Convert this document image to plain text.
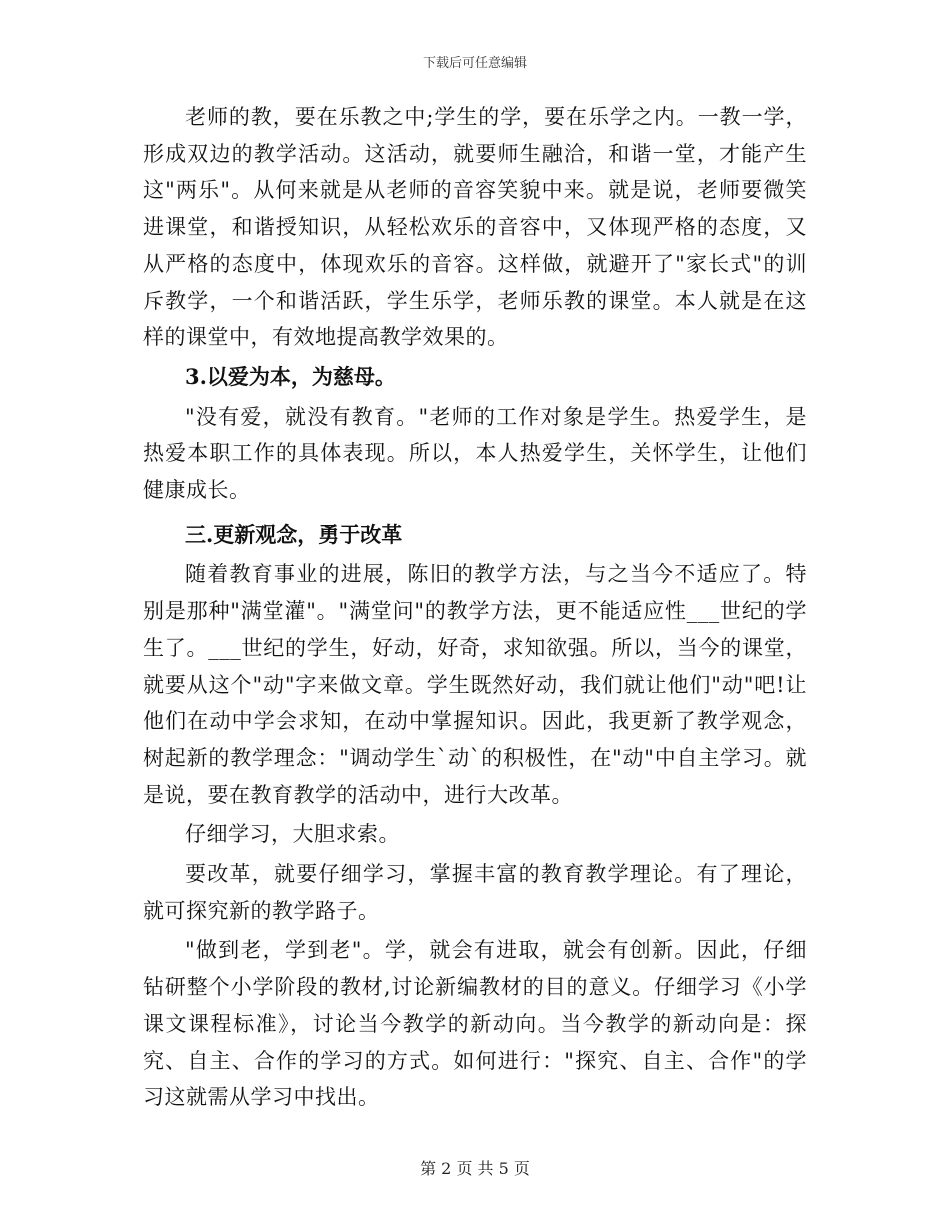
下载后可任意编辑

老师的教，要在乐教之中;学生的学，要在乐学之内。一教一学，形成双边的教学活动。这活动，就要师生融洽，和谐一堂，才能产生这"两乐"。从何来就是从老师的音容笑貌中来。就是说，老师要微笑进课堂，和谐授知识，从轻松欢乐的音容中，又体现严格的态度，又从严格的态度中，体现欢乐的音容。这样做，就避开了"家长式"的训斥教学，一个和谐活跃，学生乐学，老师乐教的课堂。本人就是在这样的课堂中，有效地提高教学效果的。

3.以爱为本，为慈母。

"没有爱，就没有教育。"老师的工作对象是学生。热爱学生，是热爱本职工作的具体表现。所以，本人热爱学生，关怀学生，让他们健康成长。

三.更新观念，勇于改革

随着教育事业的进展，陈旧的教学方法，与之当今不适应了。特别是那种"满堂灌"。"满堂问"的教学方法，更不能适应性___世纪的学生了。___世纪的学生，好动，好奇，求知欲强。所以，当今的课堂，就要从这个"动"字来做文章。学生既然好动，我们就让他们"动"吧!让他们在动中学会求知，在动中掌握知识。因此，我更新了教学观念，树起新的教学理念："调动学生`动`的积极性，在"动"中自主学习。就是说，要在教育教学的活动中，进行大改革。

仔细学习，大胆求索。

要改革，就要仔细学习，掌握丰富的教育教学理论。有了理论，就可探究新的教学路子。

"做到老，学到老"。学，就会有进取，就会有创新。因此，仔细钻研整个小学阶段的教材,讨论新编教材的目的意义。仔细学习《小学课文课程标准》，讨论当今教学的新动向。当今教学的新动向是：探究、自主、合作的学习的方式。如何进行："探究、自主、合作"的学习这就需从学习中找出。

第 2 页 共 5 页
